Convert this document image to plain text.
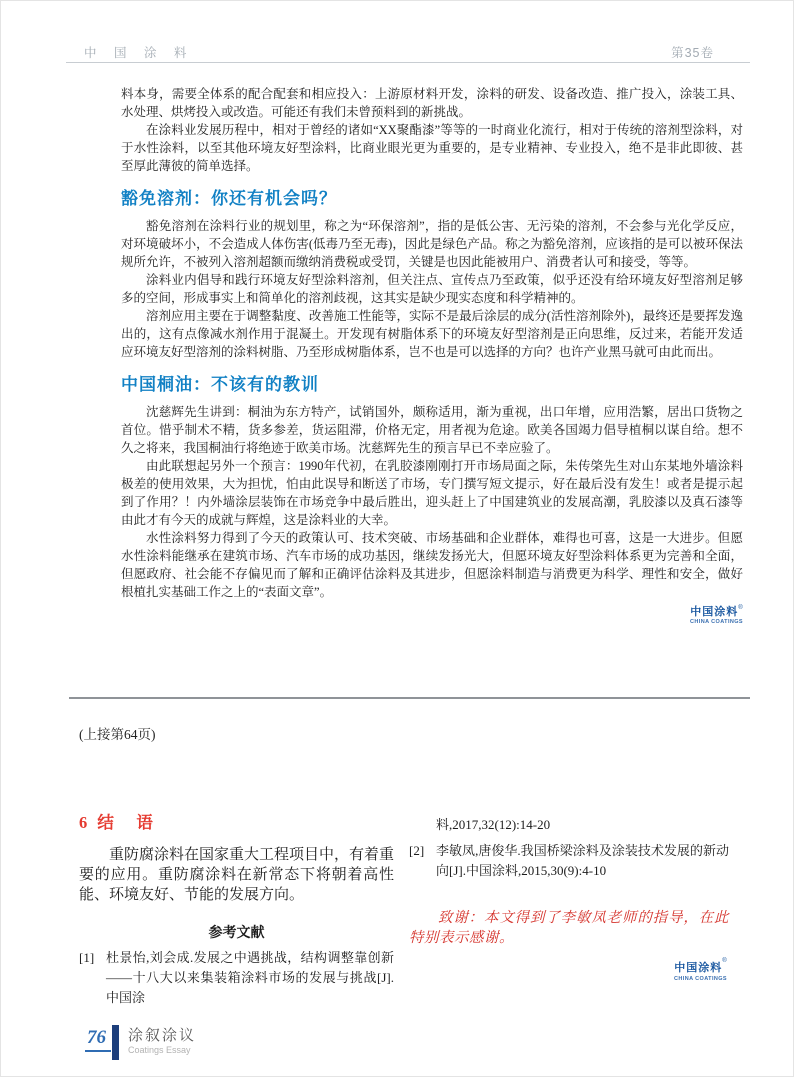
中 国 涂 料	第35卷

料本身，需要全体系的配合配套和相应投入：上游原材料开发，涂料的研发、设备改造、推广投入，涂装工具、水处理、烘烤投入或改造。可能还有我们未曾预料到的新挑战。

在涂料业发展历程中，相对于曾经的诸如“XX聚酯漆”等等的一时商业化流行，相对于传统的溶剂型涂料，对于水性涂料，以至其他环境友好型涂料，比商业眼光更为重要的，是专业精神、专业投入，绝不是非此即彼、甚至厚此薄彼的简单选择。

豁免溶剂：你还有机会吗？

豁免溶剂在涂料行业的规划里，称之为“环保溶剂”，指的是低公害、无污染的溶剂，不会参与光化学反应，对环境破坏小，不会造成人体伤害(低毒乃至无毒)，因此是绿色产品。称之为豁免溶剂，应该指的是可以被环保法规所允许，不被列入溶剂超额而缴纳消费税或受罚，关键是也因此能被用户、消费者认可和接受，等等。

涂料业内倡导和践行环境友好型涂料溶剂，但关注点、宣传点乃至政策，似乎还没有给环境友好型溶剂足够多的空间，形成事实上和简单化的溶剂歧视，这其实是缺少现实态度和科学精神的。

溶剂应用主要在于调整黏度、改善施工性能等，实际不是最后涂层的成分(活性溶剂除外)，最终还是要挥发逸出的，这有点像减水剂作用于混凝土。开发现有树脂体系下的环境友好型溶剂是正向思维，反过来，若能开发适应环境友好型溶剂的涂料树脂、乃至形成树脂体系，岂不也是可以选择的方向？也许产业黑马就可由此而出。

中国桐油：不该有的教训

沈慈辉先生讲到：桐油为东方特产，试销国外，颇称适用，渐为重视，出口年增，应用浩繁，居出口货物之首位。惜乎制术不精，货多参差，货运阻滞，价格无定，用者视为危途。欧美各国竭力倡导植桐以谋自给。想不久之将来，我国桐油行将绝迹于欧美市场。沈慈辉先生的预言早已不幸应验了。

由此联想起另外一个预言：1990年代初，在乳胶漆刚刚打开市场局面之际，朱传棨先生对山东某地外墙涂料极差的使用效果，大为担忧，怕由此误导和断送了市场，专门撰写短文提示，好在最后没有发生！或者是提示起到了作用？！内外墙涂层装饰在市场竞争中最后胜出，迎头赶上了中国建筑业的发展高潮，乳胶漆以及真石漆等由此才有今天的成就与辉煌，这是涂料业的大幸。

水性涂料努力得到了今天的政策认可、技术突破、市场基础和企业群体，难得也可喜，这是一大进步。但愿水性涂料能继承在建筑市场、汽车市场的成功基因，继续发扬光大，但愿环境友好型涂料体系更为完善和全面，但愿政府、社会能不存偏见而了解和正确评估涂料及其进步，但愿涂料制造与消费更为科学、理性和安全，做好根植扎实基础工作之上的“表面文章”。

中国涂料®
CHINA COATINGS
(上接第64页)
6 结　语

重防腐涂料在国家重大工程项目中，有着重要的应用。重防腐涂料在新常态下将朝着高性能、环境友好、节能的发展方向。

参考文献
[1] 杜景怡,刘会成.发展之中遇挑战，结构调整靠创新——十八大以来集装箱涂料市场的发展与挑战[J].中国涂
料,2017,32(12):14-20
[2] 李敏凤,唐俊华.我国桥梁涂料及涂装技术发展的新动向[J].中国涂料,2015,30(9):4-10

致谢：本文得到了李敏凤老师的指导，在此特别表示感谢。

中国涂料®
CHINA COATINGS
76	涂叙涂议
Coatings Essay
